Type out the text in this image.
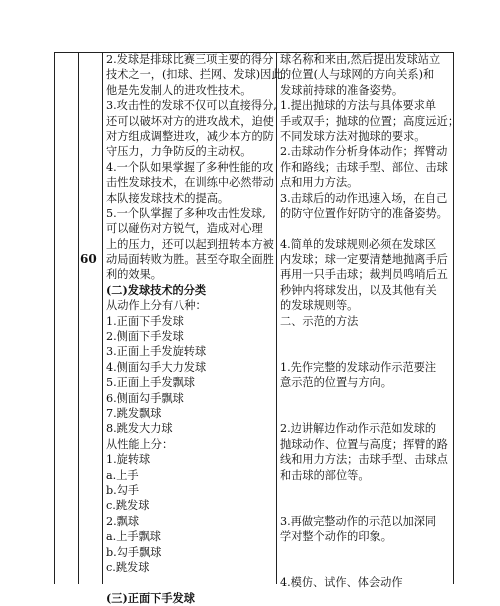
60
2.发球是排球比赛三项主要的得分
技术之一，(扣球、拦网、发球)因此,
他是先发制人的进攻性技术。
3.攻击性的发球不仅可以直接得分,
还可以破坏对方的进攻战术，迫使
对方组成调整进攻，减少本方的防
守压力，力争防反的主动权。
4.一个队如果掌握了多种性能的攻
击性发球技术，在训练中必然带动
本队接发球技术的提高。
5.一个队掌握了多种攻击性发球,
可以碰伤对方锐气，造成对心理
上的压力，还可以起到扭转本方被
动局面转败为胜。甚至夺取全面胜
利的效果。
(二)发球技术的分类
从动作上分有八种：
1.正面下手发球
2.侧面下手发球
3.正面上手发旋转球
4.侧面勾手大力发球
5.正面上手发飘球
6.侧面勾手飘球
7.跳发飘球
8.跳发大力球
从性能上分：
1.旋转球
a.上手
b.勾手
c.跳发球
2.飘球
a.上手飘球
b.勾手飘球
c.跳发球
(三)正面下手发球
球名称和来由,然后提出发球站立
的位置(人与球网的方向关系)和
发球前持球的准备姿势。
1.提出抛球的方法与具体要求单
手或双手；抛球的位置；高度远近；
不同发球方法对抛球的要求。
2.击球动作分析身体动作；挥臂动
作和路线；击球手型、部位、击球
点和用力方法。
3.击球后的动作迅速入场，在自己
的防守位置作好防守的准备姿势。
4.简单的发球规则必须在发球区
内发球；球一定要清楚地抛离手后
再用一只手击球；裁判员鸣哨后五
秒钟内将球发出，以及其他有关
的发球规则等。
二、示范的方法
1.先作完整的发球动作示范要注
意示范的位置与方向。
2.边讲解边作动作示范如发球的
抛球动作、位置与高度；挥臂的路
线和用力方法；击球手型、击球点
和击球的部位等。
3.再做完整动作的示范以加深同
学对整个动作的印象。
4.模仿、试作、体会动作
